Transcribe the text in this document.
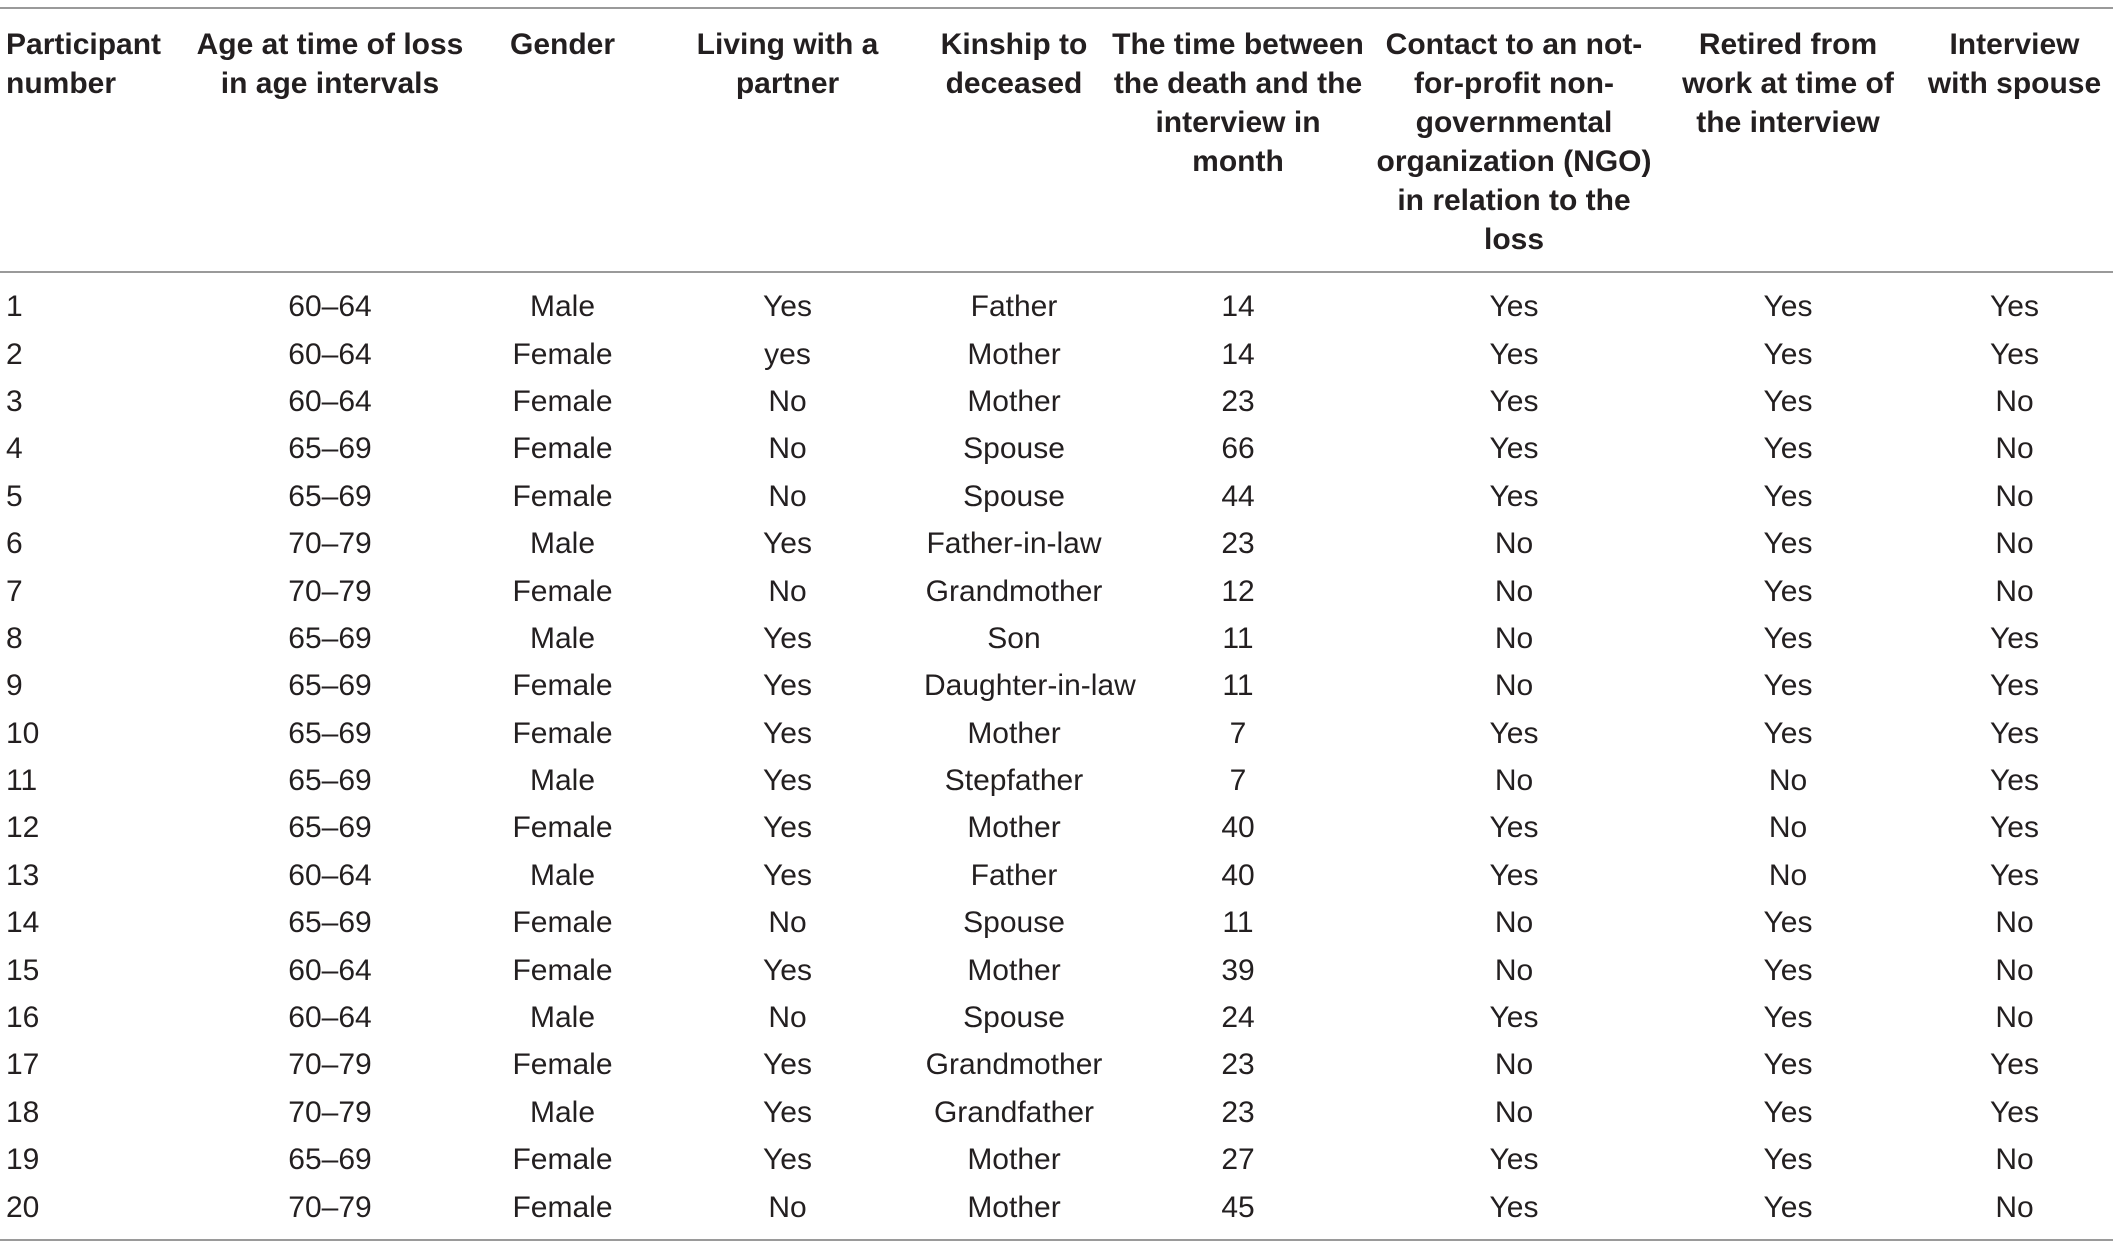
Participant number	Age at time of loss in age intervals	Gender	Living with a partner	Kinship to deceased	The time between the death and the interview in month	Contact to an not-for-profit non-governmental organization (NGO) in relation to the loss	Retired from work at time of the interview	Interview with spouse
1	60–64	Male	Yes	Father	14	Yes	Yes	Yes
2	60–64	Female	yes	Mother	14	Yes	Yes	Yes
3	60–64	Female	No	Mother	23	Yes	Yes	No
4	65–69	Female	No	Spouse	66	Yes	Yes	No
5	65–69	Female	No	Spouse	44	Yes	Yes	No
6	70–79	Male	Yes	Father-in-law	23	No	Yes	No
7	70–79	Female	No	Grandmother	12	No	Yes	No
8	65–69	Male	Yes	Son	11	No	Yes	Yes
9	65–69	Female	Yes	Daughter-in-law	11	No	Yes	Yes
10	65–69	Female	Yes	Mother	7	Yes	Yes	Yes
11	65–69	Male	Yes	Stepfather	7	No	No	Yes
12	65–69	Female	Yes	Mother	40	Yes	No	Yes
13	60–64	Male	Yes	Father	40	Yes	No	Yes
14	65–69	Female	No	Spouse	11	No	Yes	No
15	60–64	Female	Yes	Mother	39	No	Yes	No
16	60–64	Male	No	Spouse	24	Yes	Yes	No
17	70–79	Female	Yes	Grandmother	23	No	Yes	Yes
18	70–79	Male	Yes	Grandfather	23	No	Yes	Yes
19	65–69	Female	Yes	Mother	27	Yes	Yes	No
20	70–79	Female	No	Mother	45	Yes	Yes	No
